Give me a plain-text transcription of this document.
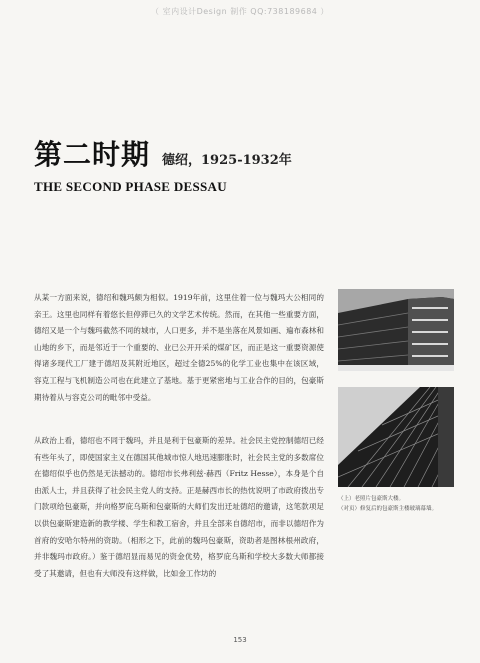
（ 室内设计Design 制作 QQ:738189684 ）
第二时期 德绍，1925-1932年
THE SECOND PHASE DESSAU
从某一方面来说，德绍和魏玛颇为相似。1919年前，这里住着一位与魏玛大公相同的亲王。这里也同样有着悠长但停滞已久的文学艺术传统。然而，在其他一些重要方面，德绍又是一个与魏玛截然不同的城市，人口更多，并不是坐落在风景如画、遍布森林和山地的乡下，而是邻近于一个重要的、业已公开开采的煤矿区，而正是这一重要资源使得诸多现代工厂建于德绍及其附近地区，超过全德25%的化学工业也集中在该区域，容克工程与飞机制造公司也在此建立了基地。基于更紧密地与工业合作的目的，包豪斯期待着从与容克公司的毗邻中受益。
从政治上看，德绍也不同于魏玛，并且是利于包豪斯的差异。社会民主党控制德绍已经有些年头了，即使国家主义在德国其他城市惊人地迅速膨胀时，社会民主党的多数席位在德绍似乎也仍然是无法撼动的。德绍市长弗利兹·赫西（Fritz Hesse），本身是个自由派人士，并且获得了社会民主党人的支持。正是赫西市长的热忱说明了市政府拨出专门款项给包豪斯，并向格罗庇乌斯和包豪斯的大师们发出迁址德绍的邀请，这笔款项足以供包豪斯建造新的教学楼、学生和教工宿舍，并且全部来自德绍市，而非以德绍作为首府的安哈尔特州的资助。（相形之下，此前的魏玛包豪斯，资助者是图林根州政府，并非魏玛市政府。）鉴于德绍显而易见的资金优势，格罗庇乌斯和学校大多数大师都接受了其邀请，但也有大师没有这样做，比如金工作坊的
（上）老照片包豪斯大楼。
（对页）修复后的包豪斯主楼玻璃幕墙。
153
